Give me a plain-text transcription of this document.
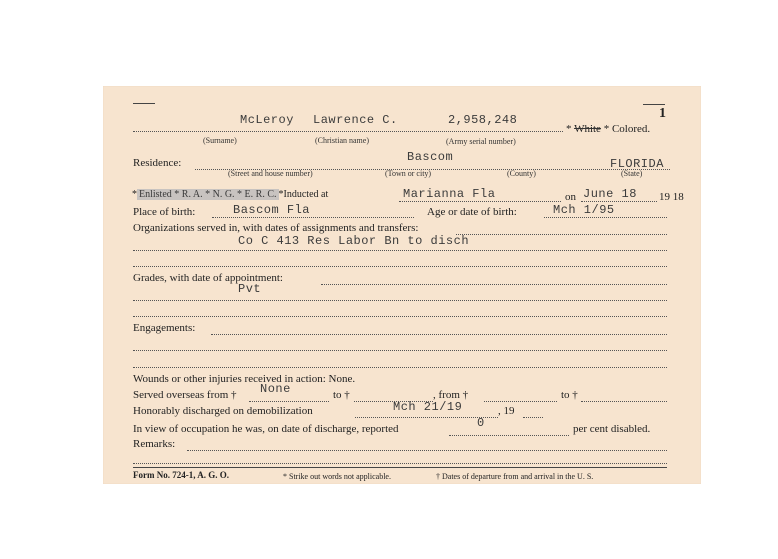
1
McLeroy Lawrence C.	2,958,248
* White * Colored.
(Surname)	(Christian name)	(Army serial number)
Residence:	Bascom	FLORIDA
(Street and house number)	(Town or city)	(County)	(State)
* Enlisted * R. A. * N. G. * E. R. C. *Inducted at	Marianna Fla	on June 18 19 18
Place of birth:	Bascom Fla	Age or date of birth:	Mch 1/95
Organizations served in, with dates of assignments and transfers:
Co C 413 Res Labor Bn to disch
Grades, with date of appointment:
Pvt
Engagements:
Wounds or other injuries received in action: None.
Served overseas from † None	to †	, from †	to †
Honorably discharged on demobilization	Mch 21/19	, 19
In view of occupation he was, on date of discharge, reported	0	per cent disabled.
Remarks:
Form No. 724-1, A. G. O.	* Strike out words not applicable.	† Dates of departure from and arrival in the U. S.
